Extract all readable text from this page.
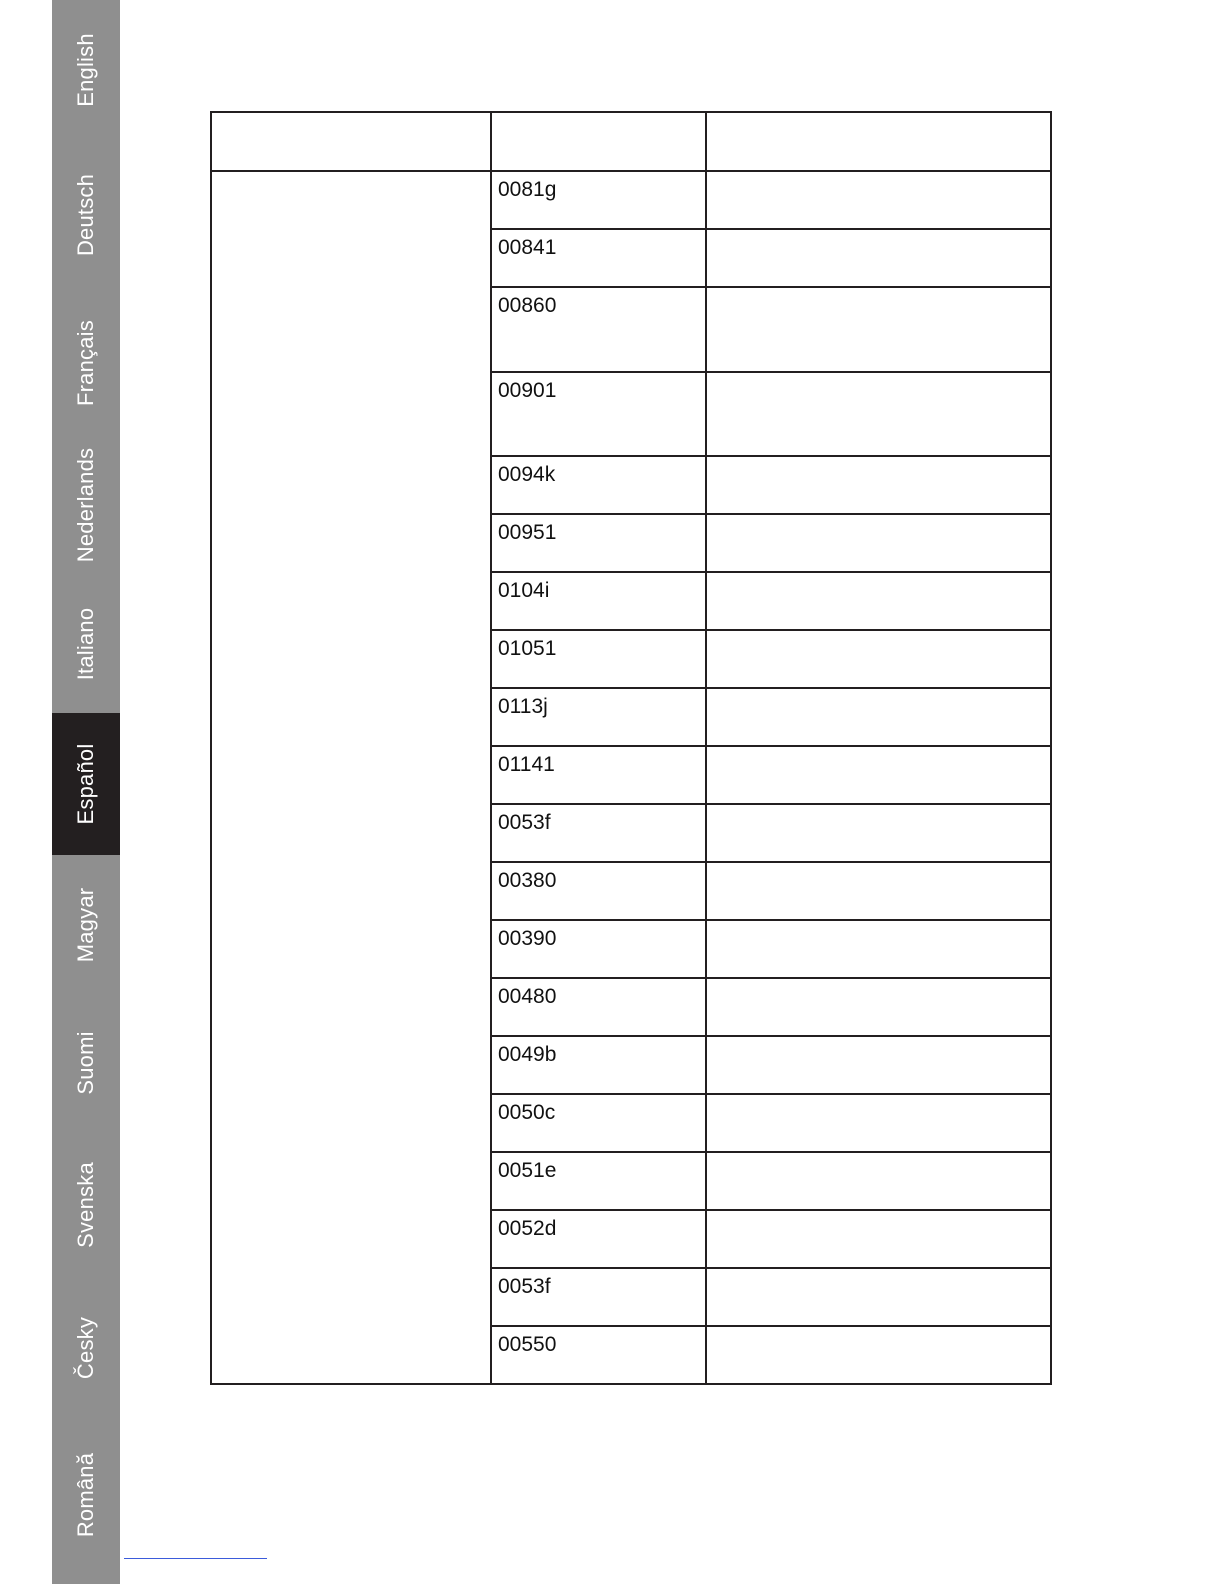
English
Deutsch
Français
Nederlands
Italiano
Español
Magyar
Suomi
Svenska
Česky
Română

	0081g	

	00841	

	00860	

	00901	

	0094k	

	00951	

	0104i	

	01051	

	0113j	

	01141	

	0053f	

	00380	

	00390	

	00480	

	0049b	

	0050c	

	0051e	

	0052d	

	0053f	

	00550	
